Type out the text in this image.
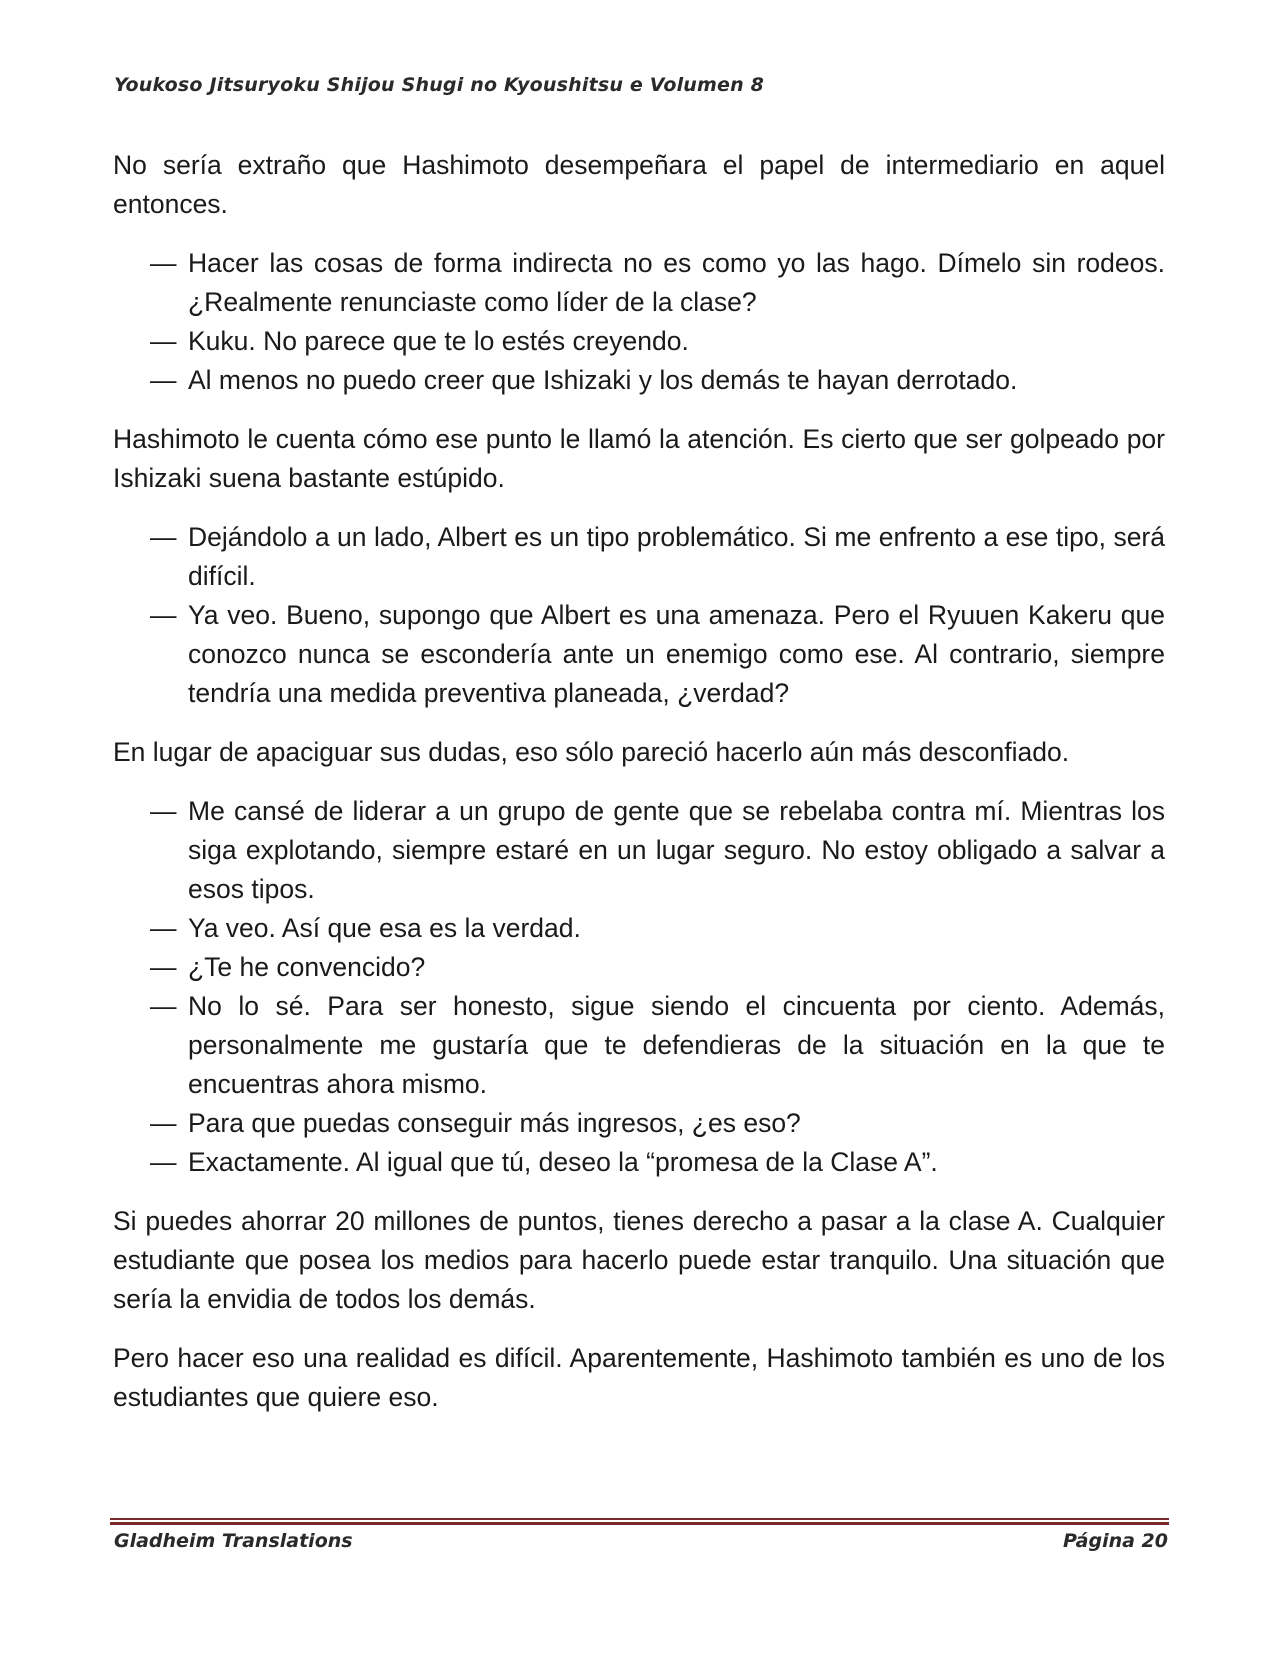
Youkoso Jitsuryoku Shijou Shugi no Kyoushitsu e Volumen 8

No sería extraño que Hashimoto desempeñara el papel de intermediario en aquel entonces.

— Hacer las cosas de forma indirecta no es como yo las hago. Dímelo sin rodeos. ¿Realmente renunciaste como líder de la clase?

— Kuku. No parece que te lo estés creyendo.

— Al menos no puedo creer que Ishizaki y los demás te hayan derrotado.

Hashimoto le cuenta cómo ese punto le llamó la atención. Es cierto que ser golpeado por Ishizaki suena bastante estúpido.

— Dejándolo a un lado, Albert es un tipo problemático. Si me enfrento a ese tipo, será difícil.

— Ya veo. Bueno, supongo que Albert es una amenaza. Pero el Ryuuen Kakeru que conozco nunca se escondería ante un enemigo como ese. Al contrario, siempre tendría una medida preventiva planeada, ¿verdad?

En lugar de apaciguar sus dudas, eso sólo pareció hacerlo aún más desconfiado.

— Me cansé de liderar a un grupo de gente que se rebelaba contra mí. Mientras los siga explotando, siempre estaré en un lugar seguro. No estoy obligado a salvar a esos tipos.

— Ya veo. Así que esa es la verdad.

— ¿Te he convencido?

— No lo sé. Para ser honesto, sigue siendo el cincuenta por ciento. Además, personalmente me gustaría que te defendieras de la situación en la que te encuentras ahora mismo.

— Para que puedas conseguir más ingresos, ¿es eso?

— Exactamente. Al igual que tú, deseo la “promesa de la Clase A”.

Si puedes ahorrar 20 millones de puntos, tienes derecho a pasar a la clase A. Cualquier estudiante que posea los medios para hacerlo puede estar tranquilo. Una situación que sería la envidia de todos los demás.

Pero hacer eso una realidad es difícil. Aparentemente, Hashimoto también es uno de los estudiantes que quiere eso.

Gladheim Translations	Página 20
